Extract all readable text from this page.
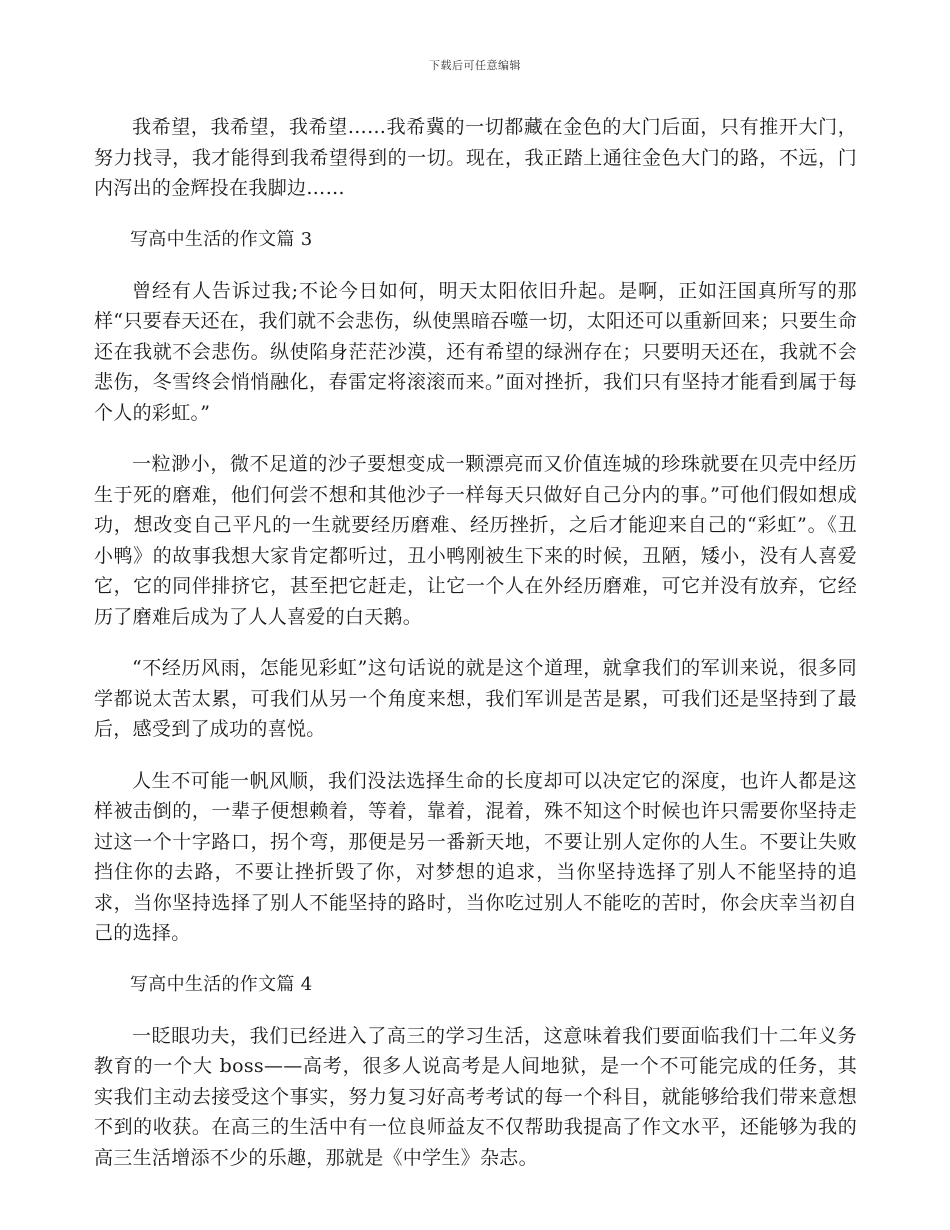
下载后可任意编辑

我希望，我希望，我希望……我希冀的一切都藏在金色的大门后面，只有推开大门，努力找寻，我才能得到我希望得到的一切。现在，我正踏上通往金色大门的路，不远，门内泻出的金辉投在我脚边……

写高中生活的作文篇 3

曾经有人告诉过我;不论今日如何，明天太阳依旧升起。是啊，正如汪国真所写的那样“只要春天还在，我们就不会悲伤，纵使黑暗吞噬一切，太阳还可以重新回来；只要生命还在我就不会悲伤。纵使陷身茫茫沙漠，还有希望的绿洲存在；只要明天还在，我就不会悲伤，冬雪终会悄悄融化，春雷定将滚滚而来。”面对挫折，我们只有坚持才能看到属于每个人的彩虹。”

一粒渺小，微不足道的沙子要想变成一颗漂亮而又价值连城的珍珠就要在贝壳中经历生于死的磨难，他们何尝不想和其他沙子一样每天只做好自己分内的事。”可他们假如想成功，想改变自己平凡的一生就要经历磨难、经历挫折，之后才能迎来自己的“彩虹”。《丑小鸭》的故事我想大家肯定都听过，丑小鸭刚被生下来的时候，丑陋，矮小，没有人喜爱它，它的同伴排挤它，甚至把它赶走，让它一个人在外经历磨难，可它并没有放弃，它经历了磨难后成为了人人喜爱的白天鹅。

“不经历风雨，怎能见彩虹”这句话说的就是这个道理，就拿我们的军训来说，很多同学都说太苦太累，可我们从另一个角度来想，我们军训是苦是累，可我们还是坚持到了最后，感受到了成功的喜悦。

人生不可能一帆风顺，我们没法选择生命的长度却可以决定它的深度，也许人都是这样被击倒的，一辈子便想赖着，等着，靠着，混着，殊不知这个时候也许只需要你坚持走过这一个十字路口，拐个弯，那便是另一番新天地，不要让别人定你的人生。不要让失败挡住你的去路，不要让挫折毁了你，对梦想的追求，当你坚持选择了别人不能坚持的追求，当你坚持选择了别人不能坚持的路时，当你吃过别人不能吃的苦时，你会庆幸当初自己的选择。

写高中生活的作文篇 4

一眨眼功夫，我们已经进入了高三的学习生活，这意味着我们要面临我们十二年义务教育的一个大 boss——高考，很多人说高考是人间地狱，是一个不可能完成的任务，其实我们主动去接受这个事实，努力复习好高考考试的每一个科目，就能够给我们带来意想不到的收获。在高三的生活中有一位良师益友不仅帮助我提高了作文水平，还能够为我的高三生活增添不少的乐趣，那就是《中学生》杂志。
